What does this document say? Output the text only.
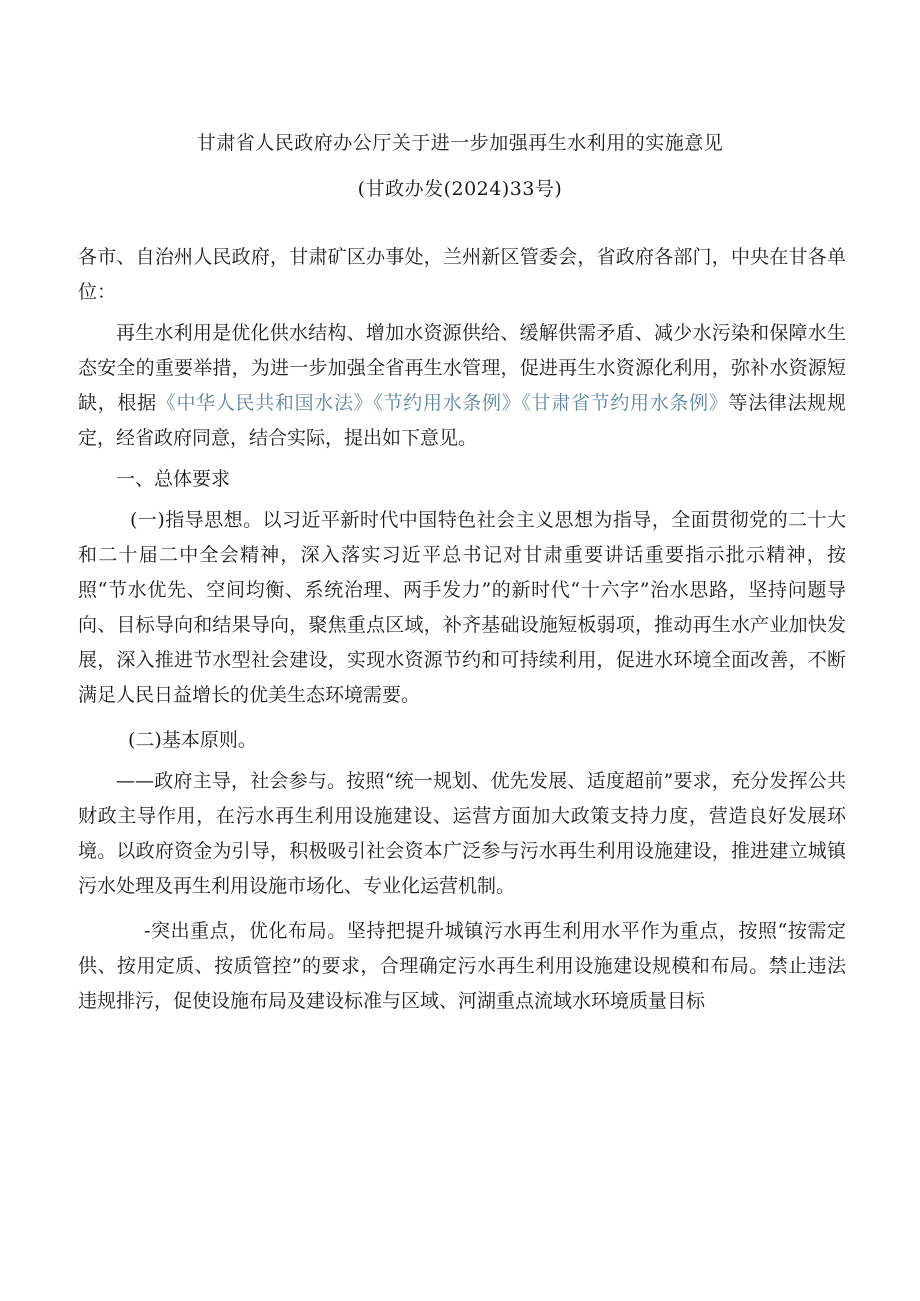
甘肃省人民政府办公厅关于进一步加强再生水利用的实施意见
(甘政办发(2024)33号)

各市、自治州人民政府，甘肃矿区办事处，兰州新区管委会，省政府各部门，中央在甘各单位：

再生水利用是优化供水结构、增加水资源供给、缓解供需矛盾、减少水污染和保障水生态安全的重要举措，为进一步加强全省再生水管理，促进再生水资源化利用，弥补水资源短缺，根据《中华人民共和国水法》《节约用水条例》《甘肃省节约用水条例》等法律法规规定，经省政府同意，结合实际，提出如下意见。

一、总体要求

(一)指导思想。以习近平新时代中国特色社会主义思想为指导，全面贯彻党的二十大和二十届二中全会精神，深入落实习近平总书记对甘肃重要讲话重要指示批示精神，按照“节水优先、空间均衡、系统治理、两手发力”的新时代“十六字”治水思路，坚持问题导向、目标导向和结果导向，聚焦重点区域，补齐基础设施短板弱项，推动再生水产业加快发展，深入推进节水型社会建设，实现水资源节约和可持续利用，促进水环境全面改善，不断满足人民日益增长的优美生态环境需要。

(二)基本原则。

——政府主导，社会参与。按照“统一规划、优先发展、适度超前”要求，充分发挥公共财政主导作用，在污水再生利用设施建设、运营方面加大政策支持力度，营造良好发展环境。以政府资金为引导，积极吸引社会资本广泛参与污水再生利用设施建设，推进建立城镇污水处理及再生利用设施市场化、专业化运营机制。

-突出重点，优化布局。坚持把提升城镇污水再生利用水平作为重点，按照“按需定供、按用定质、按质管控”的要求，合理确定污水再生利用设施建设规模和布局。禁止违法违规排污，促使设施布局及建设标准与区域、河湖重点流域水环境质量目标
